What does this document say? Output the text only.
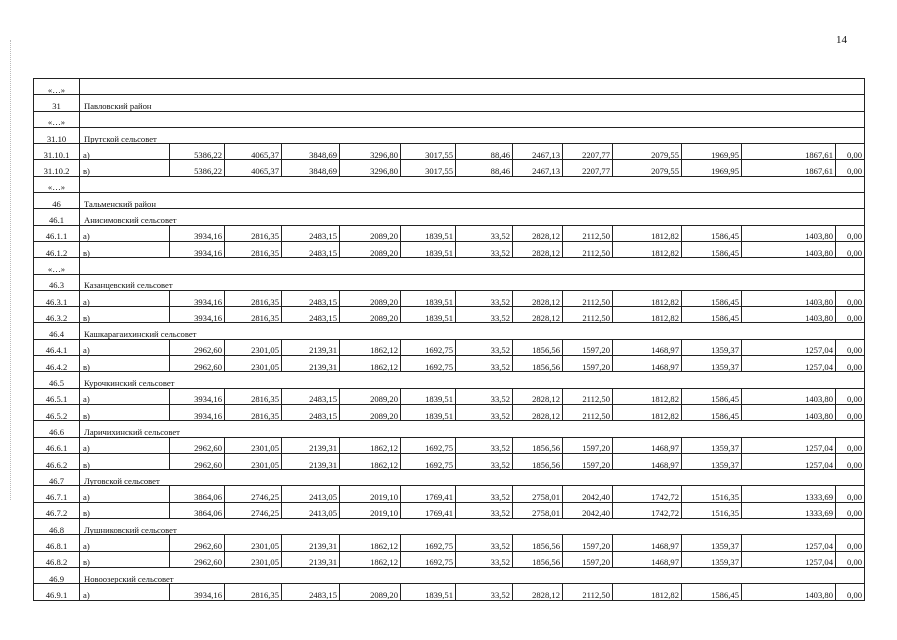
14
«…»													
31	Павловский район												
«…»													
31.10	Прутской сельсовет												
31.10.1	а)	5386,22	4065,37	3848,69	3296,80	3017,55	88,46	2467,13	2207,77	2079,55	1969,95	1867,61	0,00
31.10.2	в)	5386,22	4065,37	3848,69	3296,80	3017,55	88,46	2467,13	2207,77	2079,55	1969,95	1867,61	0,00
«…»													
46	Тальменский район												
46.1	Анисимовский сельсовет												
46.1.1	а)	3934,16	2816,35	2483,15	2089,20	1839,51	33,52	2828,12	2112,50	1812,82	1586,45	1403,80	0,00
46.1.2	в)	3934,16	2816,35	2483,15	2089,20	1839,51	33,52	2828,12	2112,50	1812,82	1586,45	1403,80	0,00
«…»													
46.3	Казанцевский сельсовет												
46.3.1	а)	3934,16	2816,35	2483,15	2089,20	1839,51	33,52	2828,12	2112,50	1812,82	1586,45	1403,80	0,00
46.3.2	в)	3934,16	2816,35	2483,15	2089,20	1839,51	33,52	2828,12	2112,50	1812,82	1586,45	1403,80	0,00
46.4	Кашкарагаихинский сельсовет												
46.4.1	а)	2962,60	2301,05	2139,31	1862,12	1692,75	33,52	1856,56	1597,20	1468,97	1359,37	1257,04	0,00
46.4.2	в)	2962,60	2301,05	2139,31	1862,12	1692,75	33,52	1856,56	1597,20	1468,97	1359,37	1257,04	0,00
46.5	Курочкинский сельсовет												
46.5.1	а)	3934,16	2816,35	2483,15	2089,20	1839,51	33,52	2828,12	2112,50	1812,82	1586,45	1403,80	0,00
46.5.2	в)	3934,16	2816,35	2483,15	2089,20	1839,51	33,52	2828,12	2112,50	1812,82	1586,45	1403,80	0,00
46.6	Ларичихинский сельсовет												
46.6.1	а)	2962,60	2301,05	2139,31	1862,12	1692,75	33,52	1856,56	1597,20	1468,97	1359,37	1257,04	0,00
46.6.2	в)	2962,60	2301,05	2139,31	1862,12	1692,75	33,52	1856,56	1597,20	1468,97	1359,37	1257,04	0,00
46.7	Луговской сельсовет												
46.7.1	а)	3864,06	2746,25	2413,05	2019,10	1769,41	33,52	2758,01	2042,40	1742,72	1516,35	1333,69	0,00
46.7.2	в)	3864,06	2746,25	2413,05	2019,10	1769,41	33,52	2758,01	2042,40	1742,72	1516,35	1333,69	0,00
46.8	Лушниковский сельсовет												
46.8.1	а)	2962,60	2301,05	2139,31	1862,12	1692,75	33,52	1856,56	1597,20	1468,97	1359,37	1257,04	0,00
46.8.2	в)	2962,60	2301,05	2139,31	1862,12	1692,75	33,52	1856,56	1597,20	1468,97	1359,37	1257,04	0,00
46.9	Новоозерский сельсовет												
46.9.1	а)	3934,16	2816,35	2483,15	2089,20	1839,51	33,52	2828,12	2112,50	1812,82	1586,45	1403,80	0,00
